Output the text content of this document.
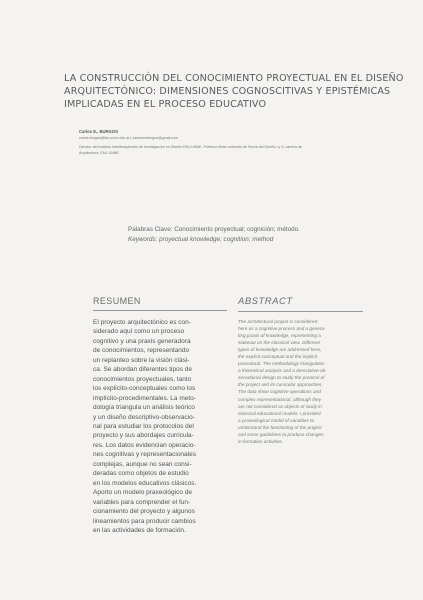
LA CONSTRUCCIÓN DEL CONOCIMIENTO PROYECTUAL EN EL DISEÑO
ARQUITECTÓNICO: DIMENSIONES COGNOSCITIVAS Y EPISTÉMICAS
IMPLICADAS EN EL PROCESO EDUCATIVO
Carlos E., BURGOS
carlos.burgos@fau.unne.edu.ar | carlosrenburgos@gmail.com
Director del Instituto Interdisciplinario de Investigación en Diseño FAU-UNNE. Profesor titular ordinario de Teoría del Diseño I y II, carrera de
Arquitectura, FAU-UNNE.
Palabras Clave: Conocimiento proyectual; cognición; método.
Keywords: proyectual knowledge; cognition; method
RESUMEN
El proyecto arquitectónico es con-
siderado aquí como un proceso
cognitivo y una praxis generadora
de conocimientos, representando
un replanteo sobre la visión clási-
ca. Se abordan diferentes tipos de
conocimientos proyectuales, tanto
los explícito-conceptuales como los
implícito-procedimentales. La meto-
dología triangula un análisis teórico
y un diseño descriptivo-observacio-
nal para estudiar los protocolos del
proyecto y sus abordajes curricula-
res. Los datos evidencian operacio-
nes cognitivas y representacionales
complejas, aunque no sean consi-
deradas como objetos de estudio
en los modelos educativos clásicos.
Aporto un modelo praxeológico de
variables para comprender el fun-
cionamiento del proyecto y algunos
lineamientos para producir cambios
en las actividades de formación.
ABSTRACT
The architectural project is considered
here as a cognitive process and a genera-
ting praxis of knowledge, representing a
stakeout on the classical view. Different
types of knowledge are addressed here,
the explicit-conceptual and the implicit
procedural. The methodology triangulates
a theoretical analysis and a descriptive-ob-
servational design to study the protocol of
the project and its curricular approaches.
The data show cognitive operations and
complex representational, although they
are not considered as objects of study in
classical educational models. I provided
a praxeological model of variables to
understand the functioning of the project
and some guidelines to produce changes
in formation activities.
